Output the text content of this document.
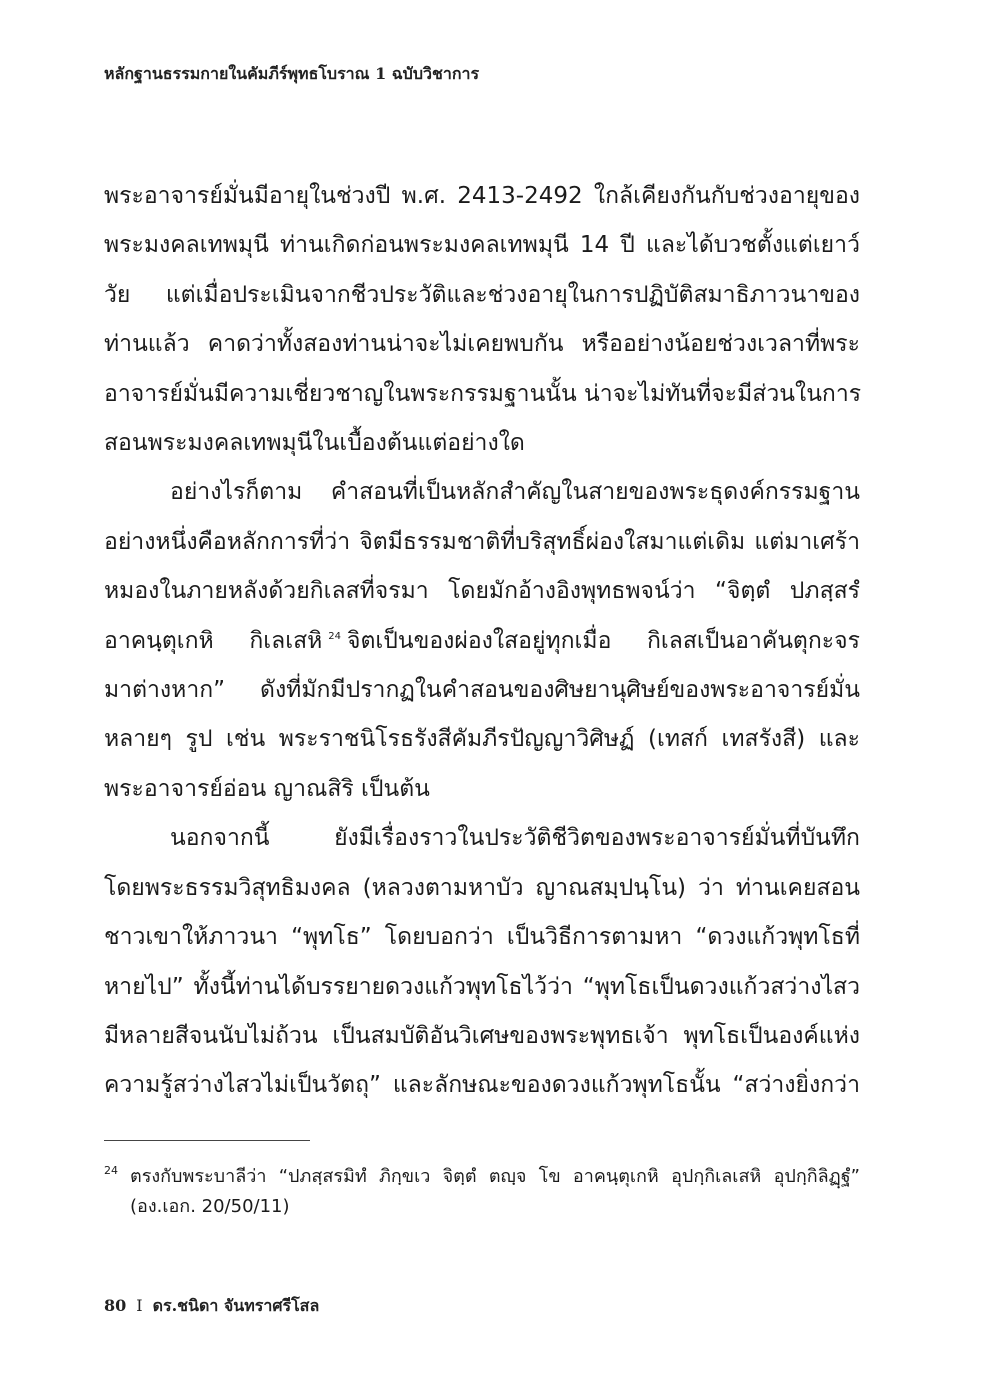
หลักฐานธรรมกายในคัมภีร์พุทธโบราณ 1 ฉบับวิชาการ
พระอาจารย์มั่นมีอายุในช่วงปี พ.ศ. 2413-2492 ใกล้เคียงกันกับช่วงอายุของ
พระมงคลเทพมุนี ท่านเกิดก่อนพระมงคลเทพมุนี 14 ปี และได้บวชตั้งแต่เยาว์
วัย แต่เมื่อประเมินจากชีวประวัติและช่วงอายุในการปฏิบัติสมาธิภาวนาของ
ท่านแล้ว คาดว่าทั้งสองท่านน่าจะไม่เคยพบกัน หรืออย่างน้อยช่วงเวลาที่พระ
อาจารย์มั่นมีความเชี่ยวชาญในพระกรรมฐานนั้น น่าจะไม่ทันที่จะมีส่วนในการ
สอนพระมงคลเทพมุนีในเบื้องต้นแต่อย่างใด
อย่างไรก็ตาม คำสอนที่เป็นหลักสำคัญในสายของพระธุดงค์กรรมฐาน
อย่างหนึ่งคือหลักการที่ว่า จิตมีธรรมชาติที่บริสุทธิ์ผ่องใสมาแต่เดิม แต่มาเศร้า
หมองในภายหลังด้วยกิเลสที่จรมา โดยมักอ้างอิงพุทธพจน์ว่า “จิตฺตํ ปภสฺสรํ
อาคนฺตุเกหิ กิเลเสหิ $^{24}$ จิตเป็นของผ่องใสอยู่ทุกเมื่อ กิเลสเป็นอาคันตุกะจร
มาต่างหาก” ดังที่มักมีปรากฏในคำสอนของศิษยานุศิษย์ของพระอาจารย์มั่น
หลายๆ รูป เช่น พระราชนิโรธรังสีคัมภีรปัญญาวิศิษฏ์ (เทสก์ เทสรังสี) และ
พระอาจารย์อ่อน ญาณสิริ เป็นต้น
นอกจากนี้ ยังมีเรื่องราวในประวัติชีวิตของพระอาจารย์มั่นที่บันทึก
โดยพระธรรมวิสุทธิมงคล (หลวงตามหาบัว ญาณสมฺปนฺโน) ว่า ท่านเคยสอน
ชาวเขาให้ภาวนา “พุทโธ” โดยบอกว่า เป็นวิธีการตามหา “ดวงแก้วพุทโธที่
หายไป” ทั้งนี้ท่านได้บรรยายดวงแก้วพุทโธไว้ว่า “พุทโธเป็นดวงแก้วสว่างไสว
มีหลายสีจนนับไม่ถ้วน เป็นสมบัติอันวิเศษของพระพุทธเจ้า พุทโธเป็นองค์แห่ง
ความรู้สว่างไสวไม่เป็นวัตถุ” และลักษณะของดวงแก้วพุทโธนั้น “สว่างยิ่งกว่า
$^{24}$ ตรงกับพระบาลีว่า “ปภสฺสรมิทํ ภิกฺขเว จิตฺตํ ตญฺจ โข อาคนฺตุเกหิ อุปกฺกิเลเสหิ อุปกฺกิลิฏฺฐํ”
(อง.เอก. 20/50/11)
80 I ดร.ชนิดา จันทราศรีโสล
